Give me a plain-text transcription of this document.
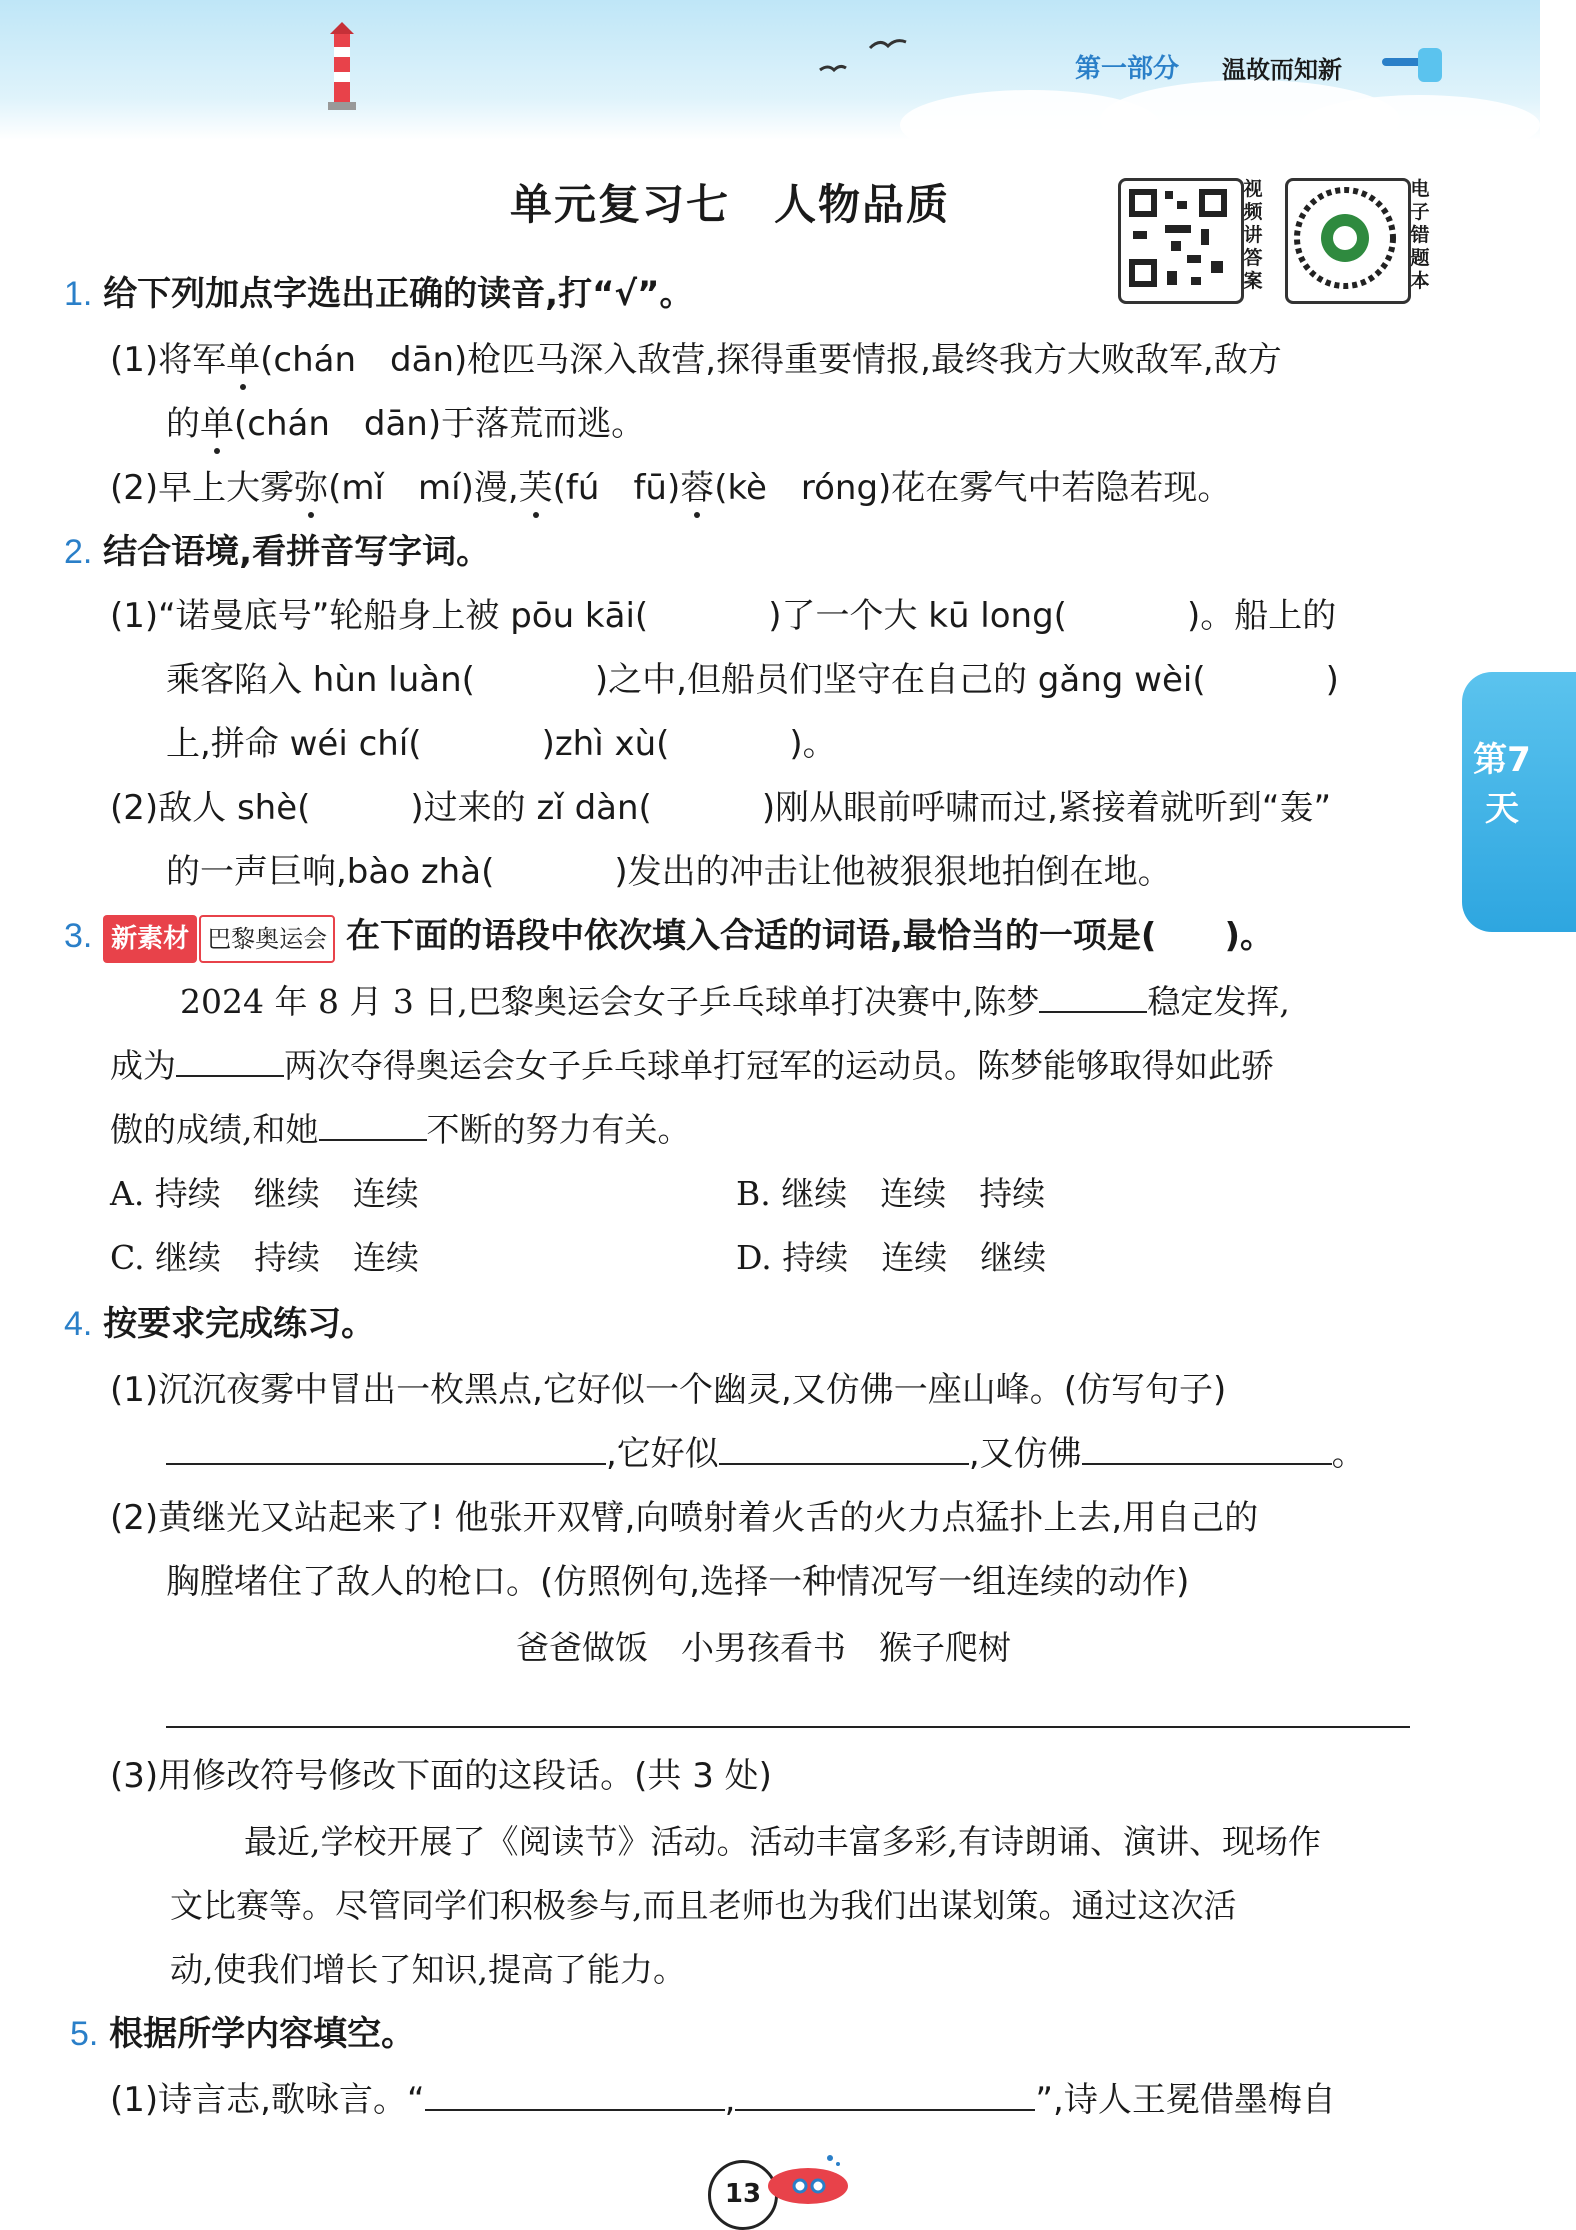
第一部分 温故而知新
单元复习七　人物品质	视频讲答案
电子错题本
第7天
1. 给下列加点字选出正确的读音,打“√”。
(1)将军单(chán　dān)枪匹马深入敌营,探得重要情报,最终我方大败敌军,敌方
的单(chán　dān)于落荒而逃。
(2)早上大雾弥(mǐ　mí)漫,芙(fú　fū)蓉(kè　róng)花在雾气中若隐若现。
2. 结合语境,看拼音写字词。
(1)“诺曼底号”轮船身上被 pōu kāi(	)了一个大 kū long(	)。船上的
乘客陷入 hùn luàn(	)之中,但船员们坚守在自己的 gǎng wèi(	)
上,拼命 wéi chí(	)zhì xù(	)。
(2)敌人 shè(	)过来的 zǐ dàn(	)刚从眼前呼啸而过,紧接着就听到“轰”
的一声巨响,bào zhà(	)发出的冲击让他被狠狠地拍倒在地。
3. 新素材 巴黎奥运会 在下面的语段中依次填入合适的词语,最恰当的一项是(　　)。
2024 年 8 月 3 日,巴黎奥运会女子乒乓球单打决赛中,陈梦	稳定发挥,
成为	两次夺得奥运会女子乒乓球单打冠军的运动员。陈梦能够取得如此骄
傲的成绩,和她	不断的努力有关。
A. 持续　继续　连续	B. 继续　连续　持续
C. 继续　持续　连续	D. 持续　连续　继续
4. 按要求完成练习。
(1)沉沉夜雾中冒出一枚黑点,它好似一个幽灵,又仿佛一座山峰。(仿写句子)
,它好似	,又仿佛	。
(2)黄继光又站起来了! 他张开双臂,向喷射着火舌的火力点猛扑上去,用自己的
胸膛堵住了敌人的枪口。(仿照例句,选择一种情况写一组连续的动作)
爸爸做饭　小男孩看书　猴子爬树
(3)用修改符号修改下面的这段话。(共 3 处)
最近,学校开展了《阅读节》活动。活动丰富多彩,有诗朗诵、演讲、现场作
文比赛等。尽管同学们积极参与,而且老师也为我们出谋划策。通过这次活
动,使我们增长了知识,提高了能力。
5. 根据所学内容填空。
(1)诗言志,歌咏言。“	,	”,诗人王冕借墨梅自
13
